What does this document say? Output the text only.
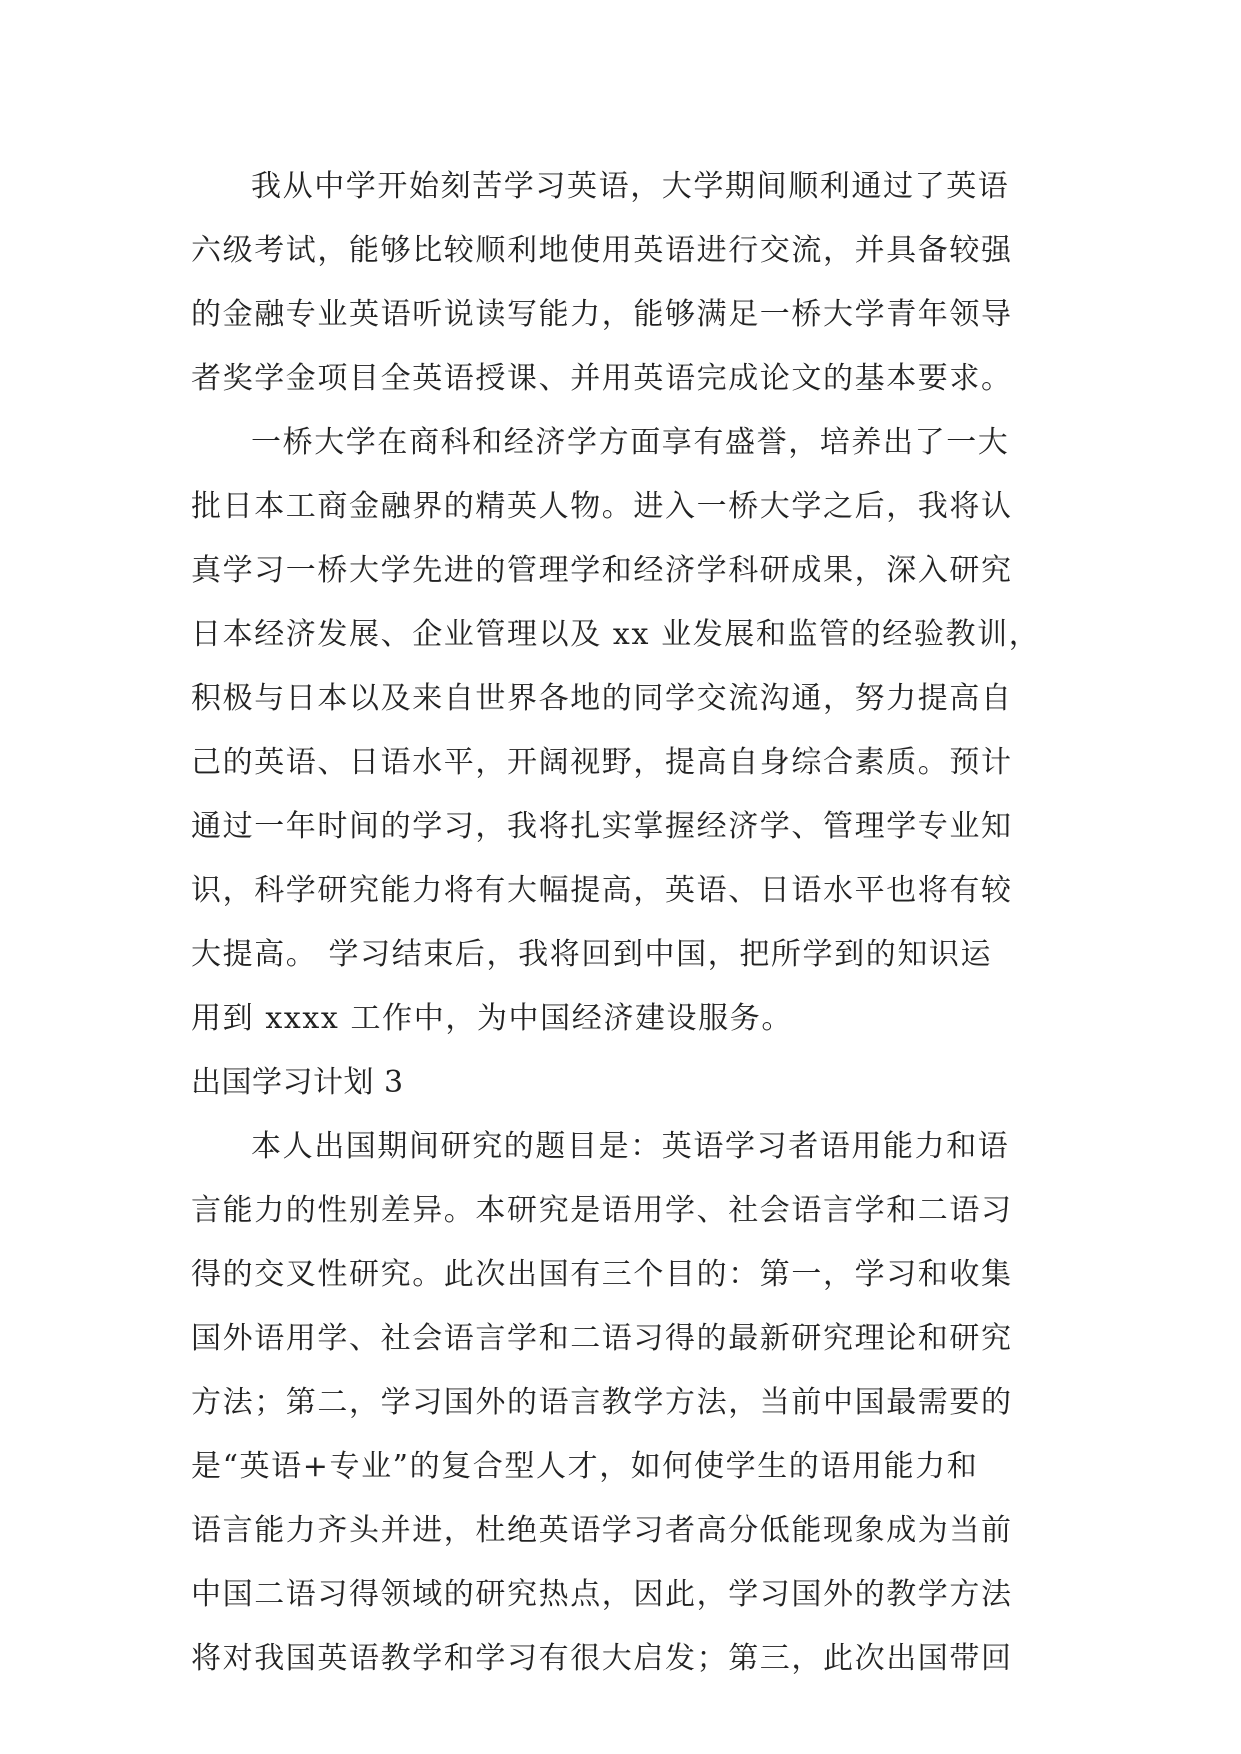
我从中学开始刻苦学习英语，大学期间顺利通过了英语
六级考试，能够比较顺利地使用英语进行交流，并具备较强
的金融专业英语听说读写能力，能够满足一桥大学青年领导
者奖学金项目全英语授课、并用英语完成论文的基本要求。
一桥大学在商科和经济学方面享有盛誉，培养出了一大
批日本工商金融界的精英人物。进入一桥大学之后，我将认
真学习一桥大学先进的管理学和经济学科研成果，深入研究
日本经济发展、企业管理以及 xx 业发展和监管的经验教训，
积极与日本以及来自世界各地的同学交流沟通，努力提高自
己的英语、日语水平，开阔视野，提高自身综合素质。预计
通过一年时间的学习，我将扎实掌握经济学、管理学专业知
识，科学研究能力将有大幅提高，英语、日语水平也将有较
大提高。 学习结束后，我将回到中国，把所学到的知识运
用到 xxxx 工作中，为中国经济建设服务。
出国学习计划 3
本人出国期间研究的题目是：英语学习者语用能力和语
言能力的性别差异。本研究是语用学、社会语言学和二语习
得的交叉性研究。此次出国有三个目的：第一，学习和收集
国外语用学、社会语言学和二语习得的最新研究理论和研究
方法；第二，学习国外的语言教学方法，当前中国最需要的
是“英语+专业”的复合型人才，如何使学生的语用能力和
语言能力齐头并进，杜绝英语学习者高分低能现象成为当前
中国二语习得领域的研究热点，因此，学习国外的教学方法
将对我国英语教学和学习有很大启发；第三，此次出国带回
